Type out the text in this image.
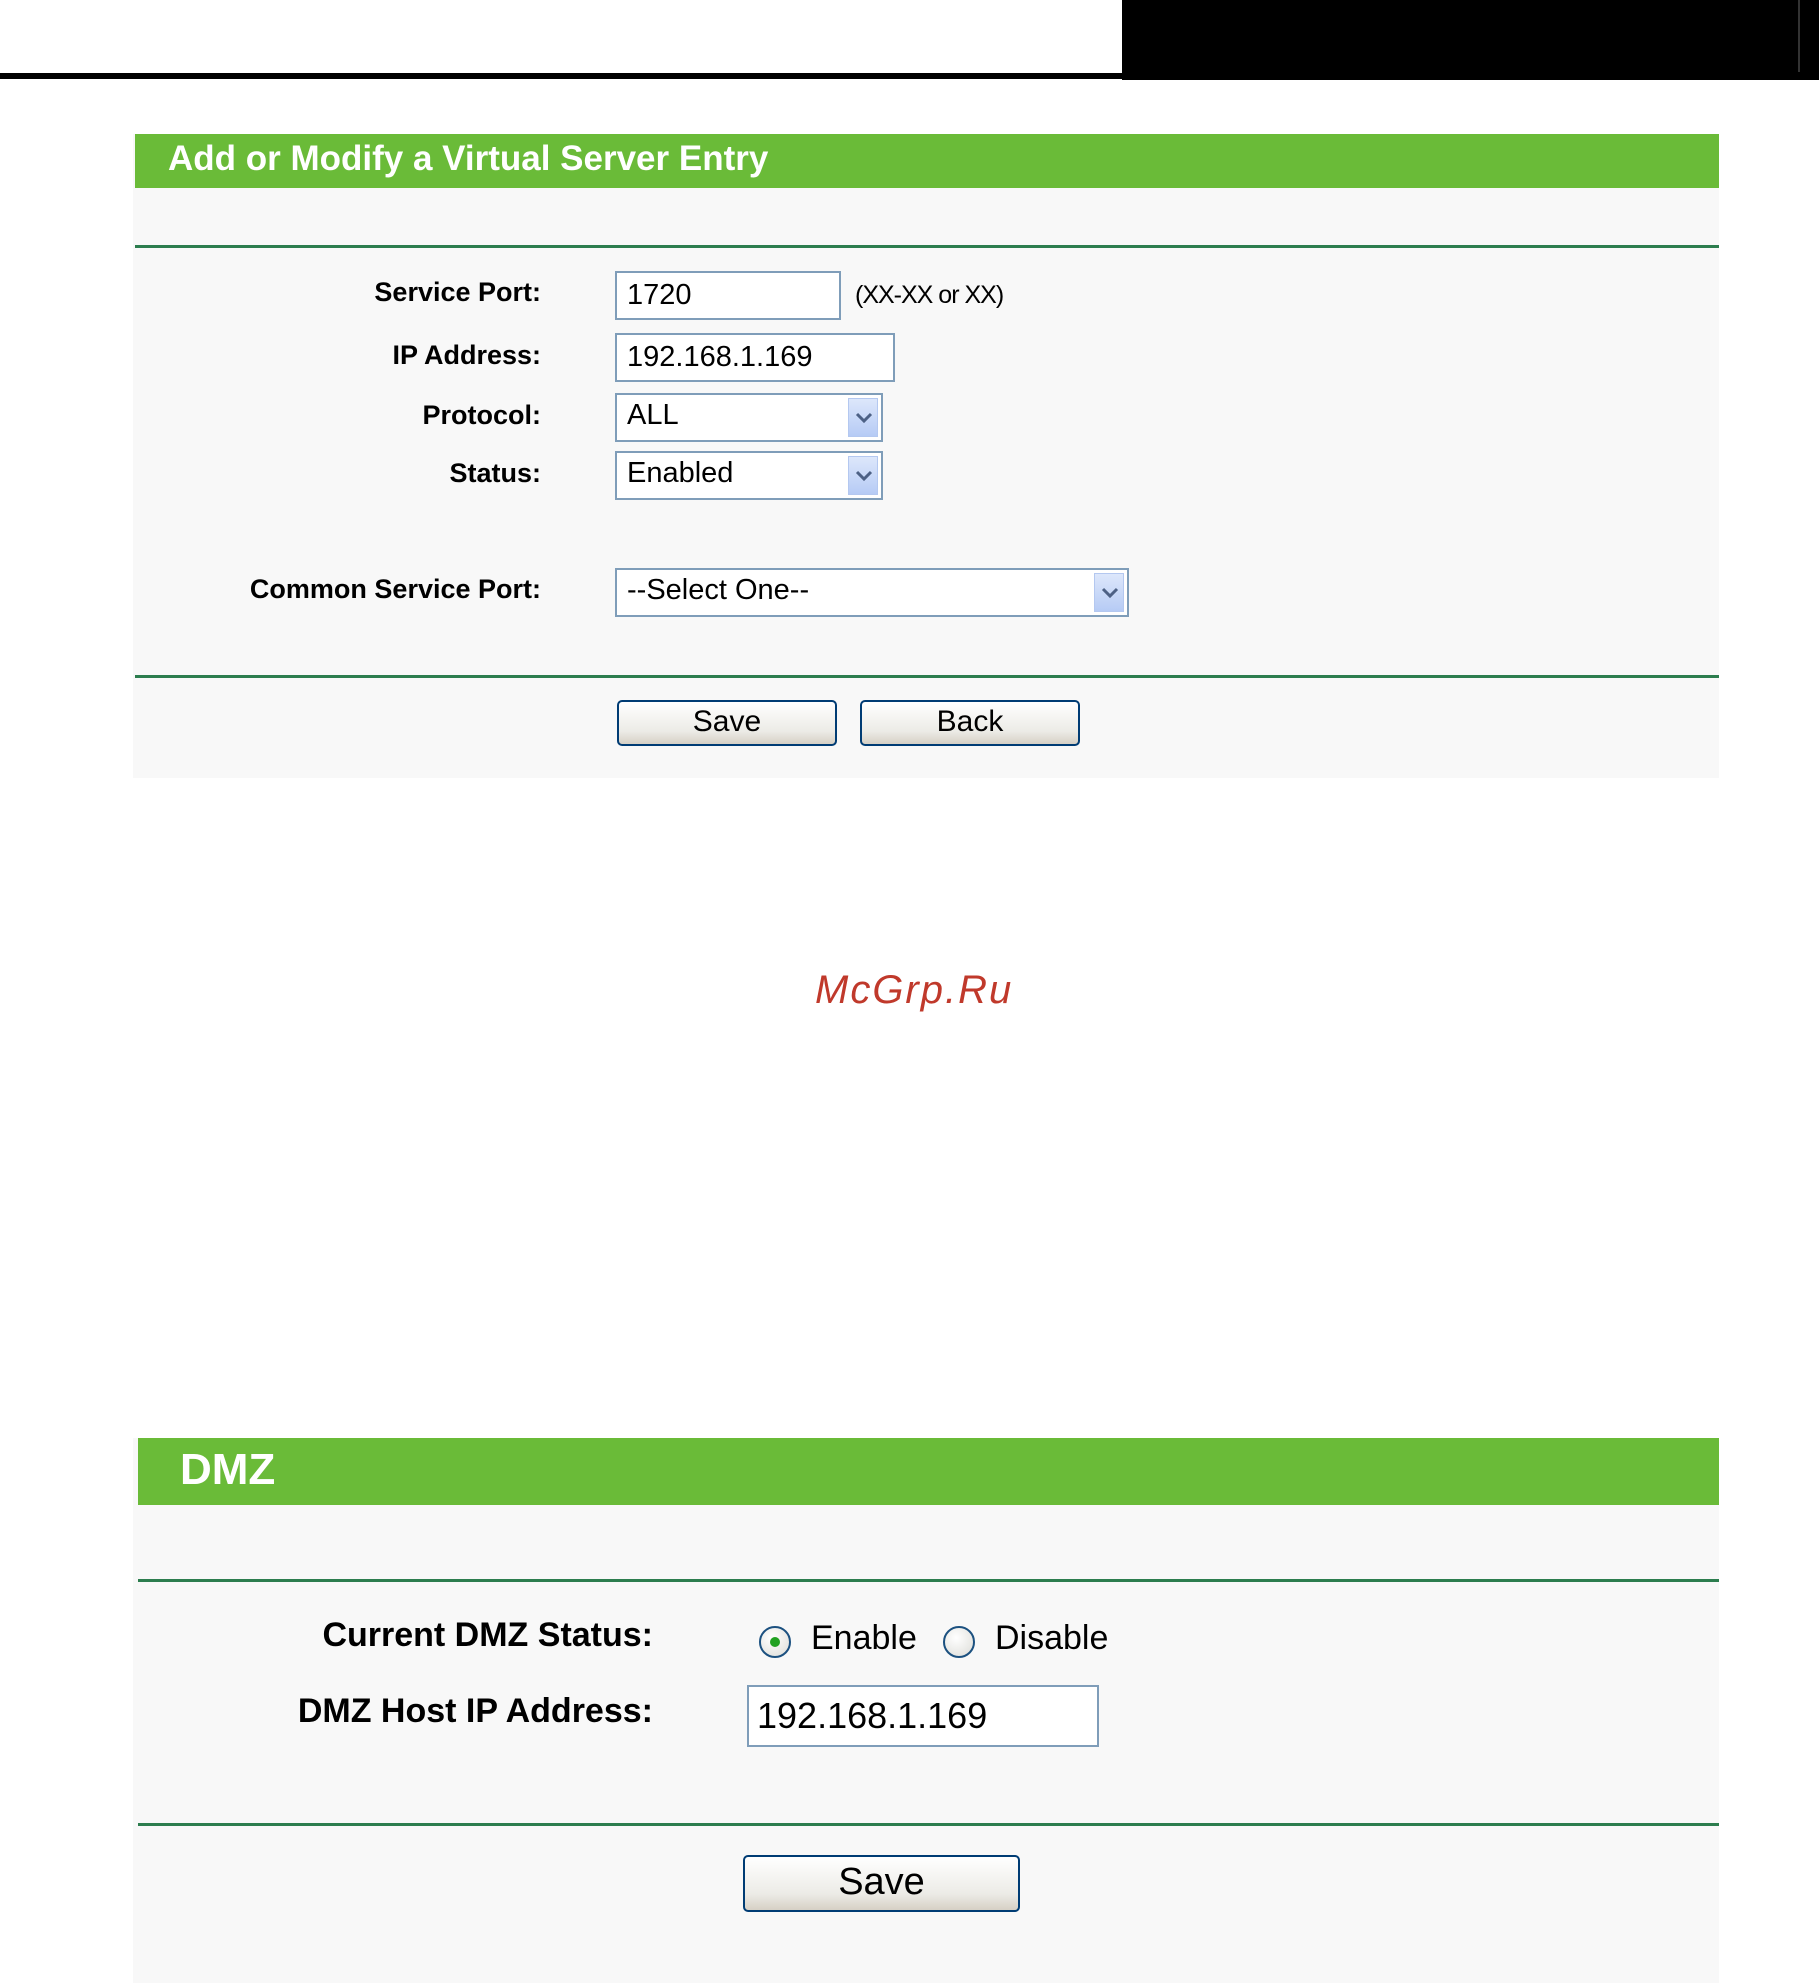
Add or Modify a Virtual Server Entry
Service Port:	1720	(XX-XX or XX)
IP Address:	192.168.1.169
Protocol:	ALL
Status:	Enabled
Common Service Port:	--Select One--
Save	Back
McGrp.Ru
DMZ
Current DMZ Status:	Enable Disable
DMZ Host IP Address:	192.168.1.169
Save
